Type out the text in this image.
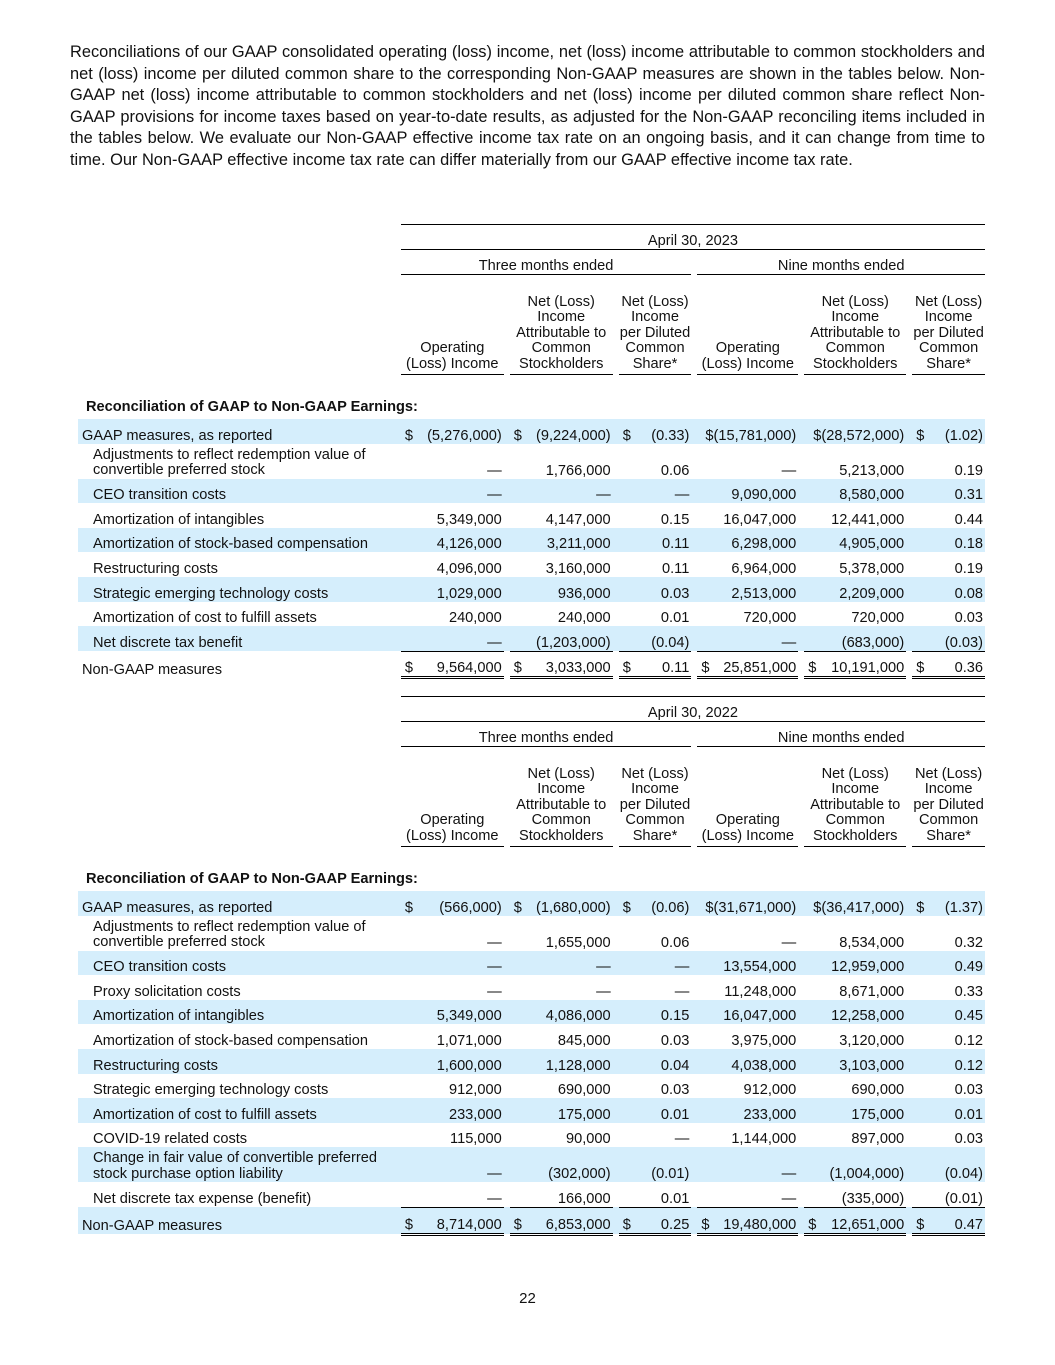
Reconciliations of our GAAP consolidated operating (loss) income, net (loss) income attributable to common stockholders and net (loss) income per diluted common share to the corresponding Non-GAAP measures are shown in the tables below. Non-GAAP net (loss) income attributable to common stockholders and net (loss) income per diluted common share reflect Non-GAAP provisions for income taxes based on year-to-date results, as adjusted for the Non-GAAP reconciling items included in the tables below. We evaluate our Non-GAAP effective income tax rate on an ongoing basis, and it can change from time to time. Our Non-GAAP effective income tax rate can differ materially from our GAAP effective income tax rate.

		April 30, 2023														
		Three months ended									Nine months ended					
		Operating (Loss) Income			Net (Loss) Income Attributable to Common Stockholders			Net (Loss) Income per Diluted Common Share*			Operating (Loss) Income		Net (Loss) Income Attributable to Common Stockholders		Net (Loss) Income per Diluted Common Share*	
Reconciliation of GAAP to Non-GAAP Earnings:																
GAAP measures, as reported		$	(5,276,000)		$	(9,224,000)		$	(0.33)			$(15,781,000)			$(28,572,000)		$	(1.02)
Adjustments to reflect redemption value of convertible preferred stock			—			1,766,000			0.06			—			5,213,000			0.19
CEO transition costs			—			—			—			9,090,000			8,580,000			0.31
Amortization of intangibles			5,349,000			4,147,000			0.15			16,047,000			12,441,000			0.44
Amortization of stock-based compensation			4,126,000			3,211,000			0.11			6,298,000			4,905,000			0.18
Restructuring costs			4,096,000			3,160,000			0.11			6,964,000			5,378,000			0.19
Strategic emerging technology costs			1,029,000			936,000			0.03			2,513,000			2,209,000			0.08
Amortization of cost to fulfill assets			240,000			240,000			0.01			720,000			720,000			0.03
Net discrete tax benefit			—			(1,203,000)			(0.04)			—			(683,000)			(0.03)
Non-GAAP measures		$	9,564,000		$	3,033,000		$	0.11		$	25,851,000		$	10,191,000		$	0.36
		April 30, 2022														
		Three months ended									Nine months ended					
		Operating (Loss) Income			Net (Loss) Income Attributable to Common Stockholders			Net (Loss) Income per Diluted Common Share*			Operating (Loss) Income		Net (Loss) Income Attributable to Common Stockholders		Net (Loss) Income per Diluted Common Share*	
Reconciliation of GAAP to Non-GAAP Earnings:																
GAAP measures, as reported		$	(566,000)		$	(1,680,000)		$	(0.06)			$(31,671,000)			$(36,417,000)		$	(1.37)
Adjustments to reflect redemption value of convertible preferred stock			—			1,655,000			0.06			—			8,534,000			0.32
CEO transition costs			—			—			—			13,554,000			12,959,000			0.49
Proxy solicitation costs			—			—			—			11,248,000			8,671,000			0.33
Amortization of intangibles			5,349,000			4,086,000			0.15			16,047,000			12,258,000			0.45
Amortization of stock-based compensation			1,071,000			845,000			0.03			3,975,000			3,120,000			0.12
Restructuring costs			1,600,000			1,128,000			0.04			4,038,000			3,103,000			0.12
Strategic emerging technology costs			912,000			690,000			0.03			912,000			690,000			0.03
Amortization of cost to fulfill assets			233,000			175,000			0.01			233,000			175,000			0.01
COVID-19 related costs			115,000			90,000			—			1,144,000			897,000			0.03
Change in fair value of convertible preferred stock purchase option liability			—			(302,000)			(0.01)			—			(1,004,000)			(0.04)
Net discrete tax expense (benefit)			—			166,000			0.01			—			(335,000)			(0.01)
Non-GAAP measures		$	8,714,000		$	6,853,000		$	0.25			19,480,000			12,651,000		$	0.47
22
